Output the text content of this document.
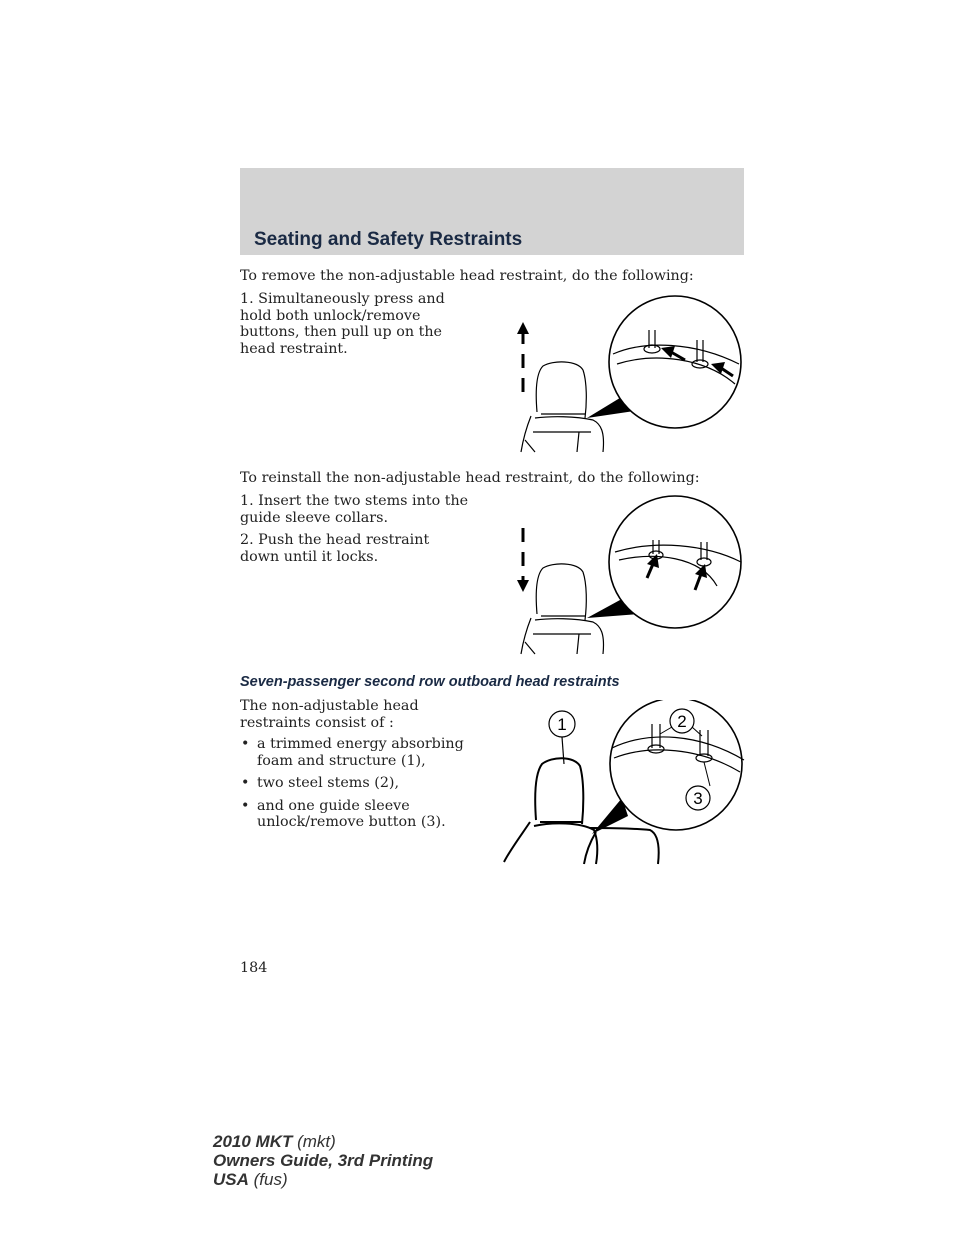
Seating and Safety Restraints
To remove the non-adjustable head restraint, do the following:
1. Simultaneously press and hold both unlock/remove buttons, then pull up on the head restraint.
To reinstall the non-adjustable head restraint, do the following:
1. Insert the two stems into the guide sleeve collars.
2. Push the head restraint down until it locks.
Seven-passenger second row outboard head restraints
The non-adjustable head restraints consist of :
• a trimmed energy absorbing foam and structure (1),
• two steel stems (2),
• and one guide sleeve unlock/remove button (3).
1	2
3
184
2010 MKT (mkt)
Owners Guide, 3rd Printing
USA (fus)
